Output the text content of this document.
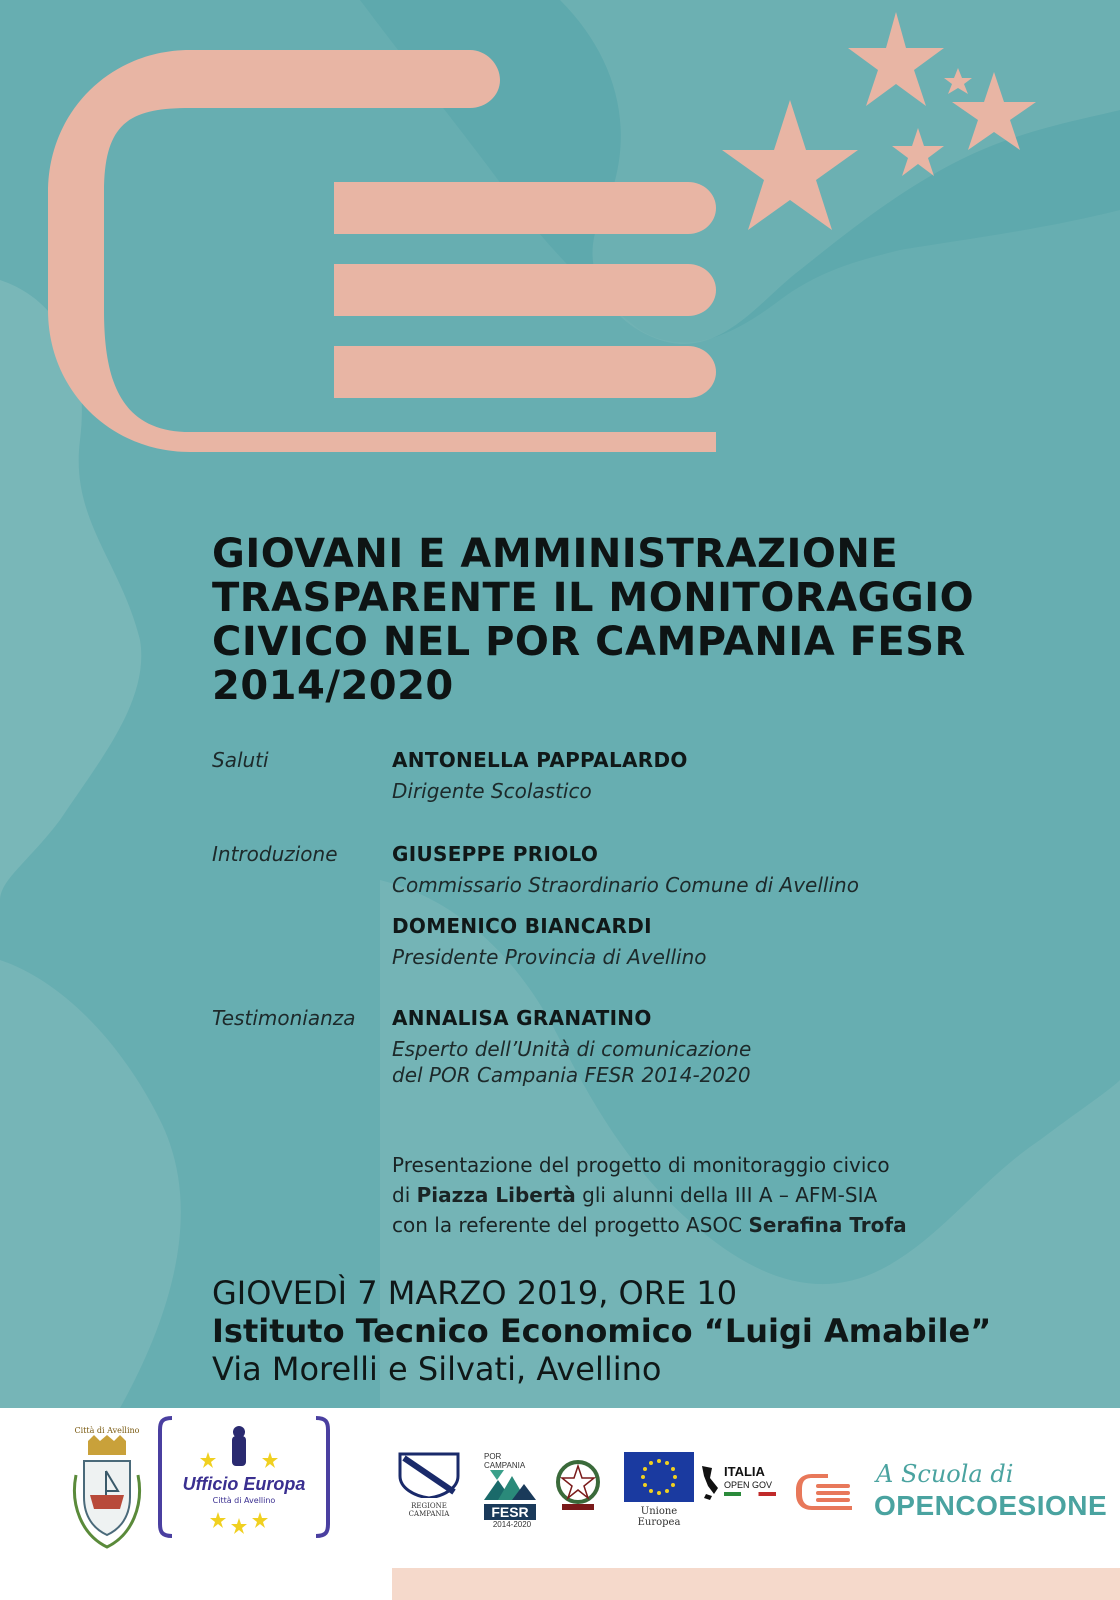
GIOVANI E AMMINISTRAZIONE TRASPARENTE IL MONITORAGGIO CIVICO NEL POR CAMPANIA FESR 2014/2020
Saluti	ANTONELLA PAPPALARDO
Dirigente Scolastico
Introduzione	GIUSEPPE PRIOLO
Commissario Straordinario Comune di Avellino
DOMENICO BIANCARDI
Presidente Provincia di Avellino
Testimonianza ANNALISA GRANATINO
Esperto dell’Unità di comunicazione
del POR Campania FESR 2014-2020
Presentazione del progetto di monitoraggio civico
di Piazza Libertà gli alunni della III A – AFM-SIA
con la referente del progetto ASOC Serafina Trofa
GIOVEDÌ 7 MARZO 2019, ORE 10
Istituto Tecnico Economico “Luigi Amabile”
Via Morelli e Silvati, Avellino
Città di Avellino
Ufficio Europa
Città di Avellino
REGIONE CAMPANIA
POR CAMPANIA
FESR
2014-2020
Unione Europea
ITALIA
OPEN GOV	A Scuola di
OPENCOESIONE
